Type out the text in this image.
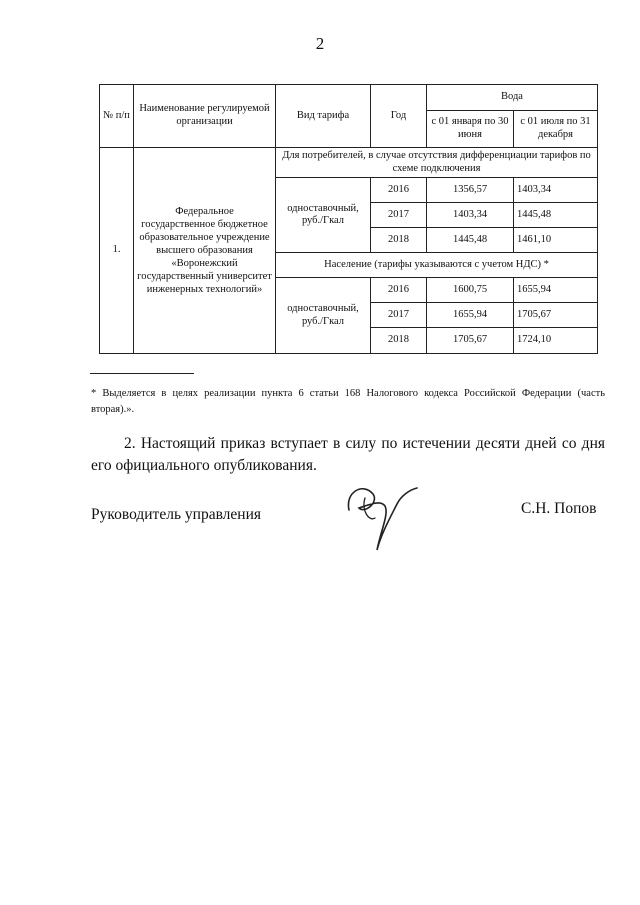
2
№ п/п	Наименование регулируемой организации	Вид тарифа	Год	Вода	
				с 01 января по 30 июня	с 01 июля по 31 декабря
1.	Федеральное государственное бюджетное образовательное учреждение высшего образования «Воронежский государственный университет инженерных технологий»	Для потребителей, в случае отсутствия дифференциации тарифов по схеме подключения			
		одноставочный, руб./Гкал	2016	1356,57	1403,34
			2017	1403,34	1445,48
			2018	1445,48	1461,10
		Население (тарифы указываются с учетом НДС) *			
		одноставочный, руб./Гкал	2016	1600,75	1655,94
			2017	1655,94	1705,67
			2018	1705,67	1724,10
* Выделяется в целях реализации пункта 6 статьи 168 Налогового кодекса Российской Федерации (часть вторая).».
2. Настоящий приказ вступает в силу по истечении десяти дней со дня его официального опубликования.
Руководитель управления	С.Н. Попов
